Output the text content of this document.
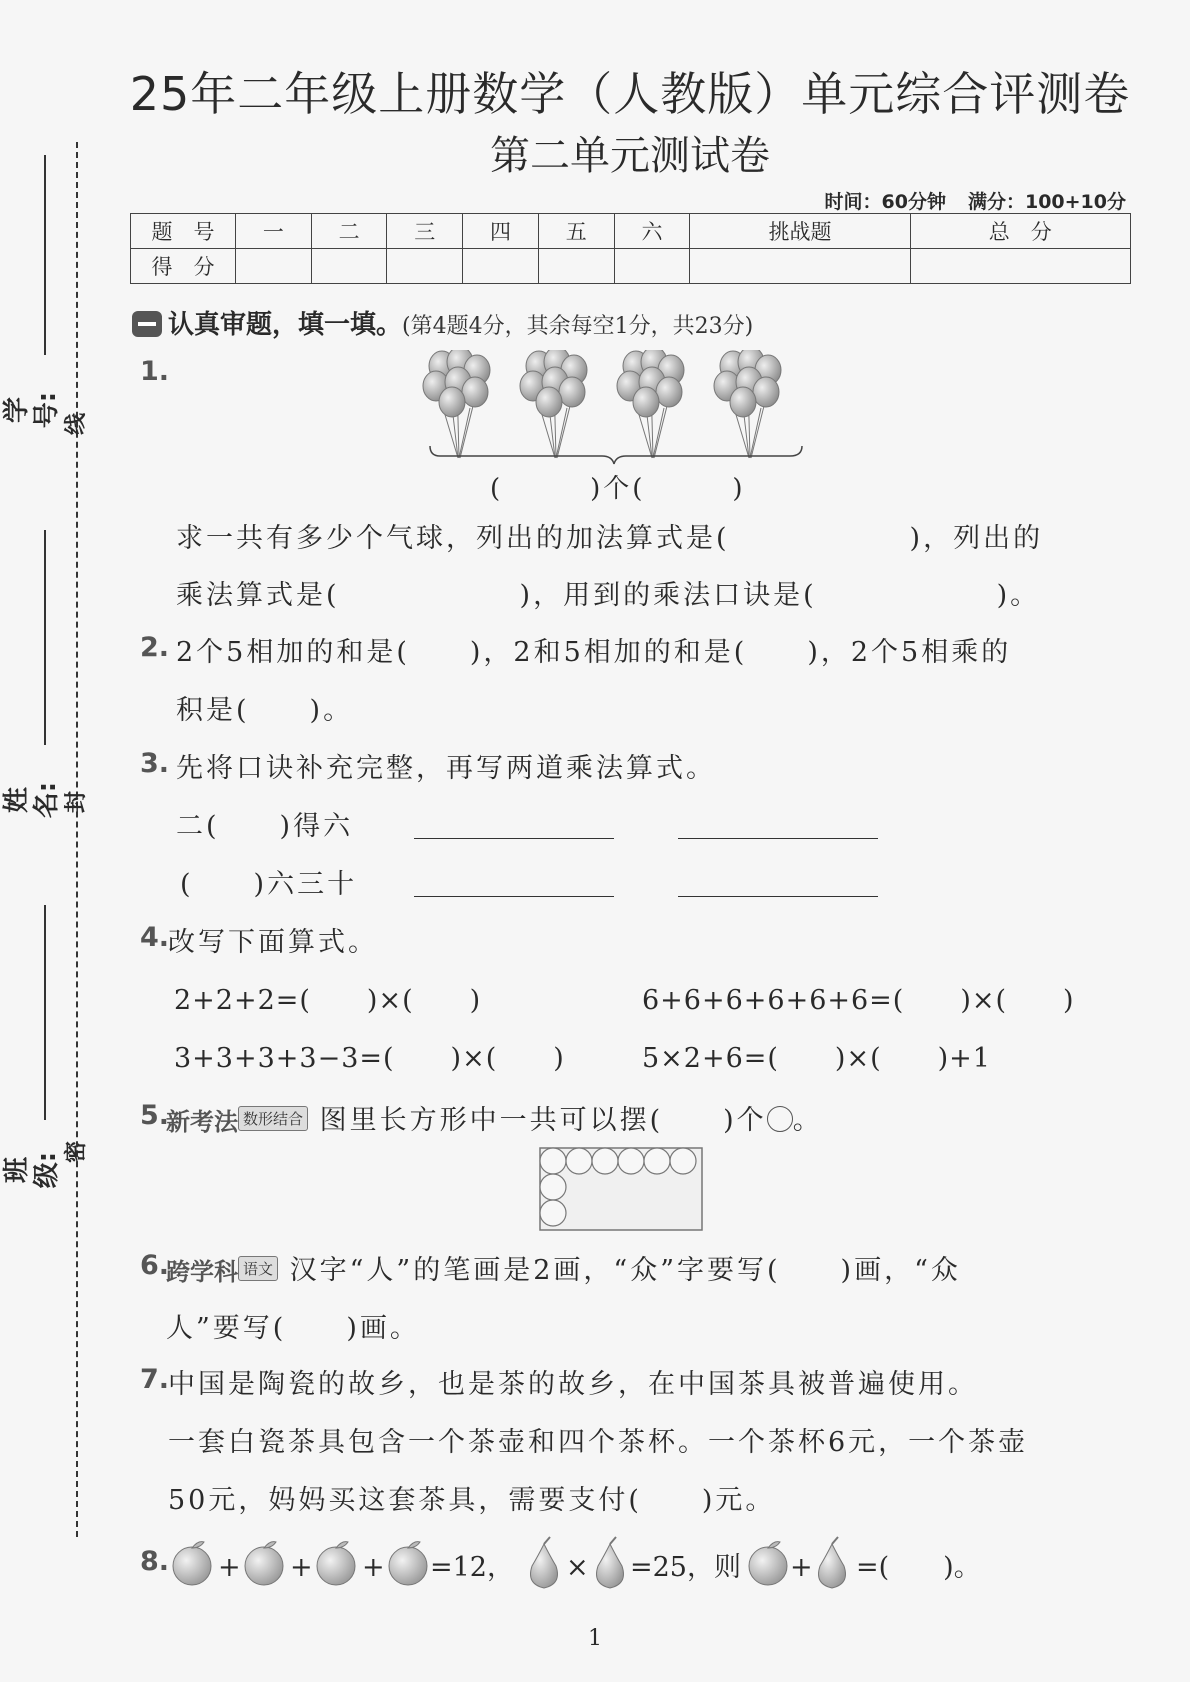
学号: 线
姓名: 封
班级: 密
25年二年级上册数学（人教版）单元综合评测卷
第二单元测试卷
时间：60分钟 满分：100+10分
题　号	一	二	三	四	五	六	挑战题	总　分
得　分								
认真审题，填一填。(第4题4分，其余每空1分，共23分)
1.
(　　　)个(　　　)
求一共有多少个气球，列出的加法算式是(　　　　　　)，列出的
乘法算式是(　　　　　　)，用到的乘法口诀是(　　　　　　)。
2. 2个5相加的和是(　　)，2和5相加的和是(　　)，2个5相乘的
积是(　　)。
3. 先将口诀补充完整，再写两道乘法算式。
二(　　)得六
(　　)六三十
4.
改写下面算式。
2+2+2=(　　)×(　　)	6+6+6+6+6+6=(　　)×(　　)
3+3+3+3−3=(　　)×(　　)	5×2+6=(　　)×(　　)+1
5.
新考法 数形结合 图里长方形中一共可以摆(　　)个 。
6.
跨学科 语文 汉字“人”的笔画是2画，“众”字要写(　　)画，“众
人”要写(　　)画。
7.
中国是陶瓷的故乡，也是茶的故乡，在中国茶具被普遍使用。
一套白瓷茶具包含一个茶壶和四个茶杯。一个茶杯6元，一个茶壶
50元，妈妈买这套茶具，需要支付(　　)元。
8. + + + =12， × =25，则 + =(　　)。
1
